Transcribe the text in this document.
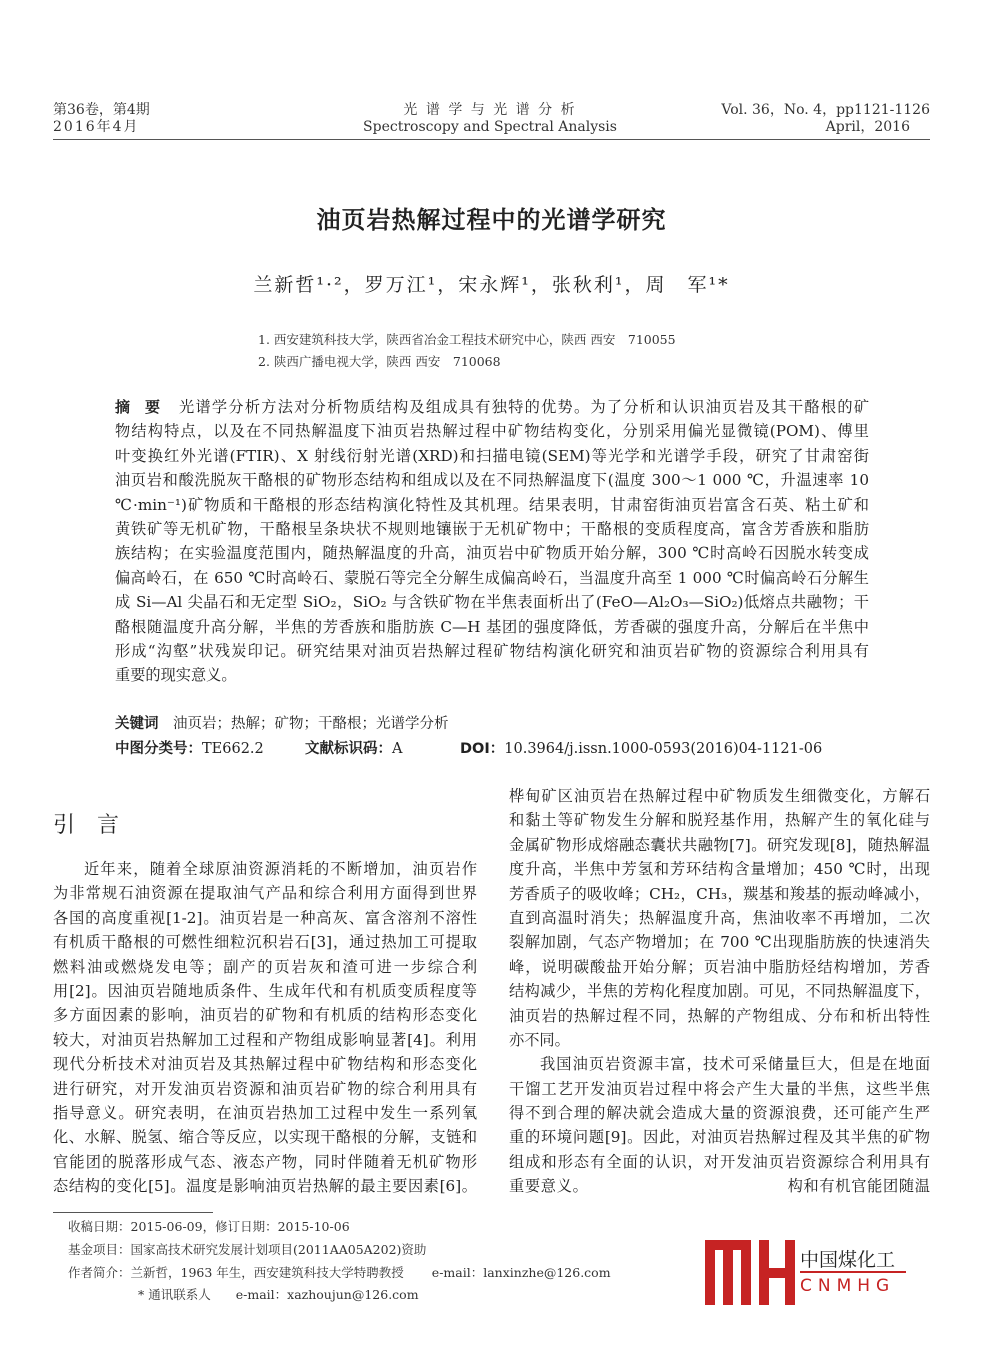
第36卷，第4期
2016年4月
光 谱 学 与 光 谱 分 析
Spectroscopy and Spectral Analysis
Vol. 36，No. 4，pp1121-1126
April，2016
油页岩热解过程中的光谱学研究
兰新哲¹·²，罗万江¹，宋永辉¹，张秋利¹，周　军¹*
1. 西安建筑科技大学，陕西省冶金工程技术研究中心，陕西 西安　710055
2. 陕西广播电视大学，陕西 西安　710068
摘　要	光谱学分析方法对分析物质结构及组成具有独特的优势。为了分析和认识油页岩及其干酪根的矿
物结构特点，以及在不同热解温度下油页岩热解过程中矿物结构变化，分别采用偏光显微镜(POM)、傅里
叶变换红外光谱(FTIR)、X 射线衍射光谱(XRD)和扫描电镜(SEM)等光学和光谱学手段，研究了甘肃窑街
油页岩和酸洗脱灰干酪根的矿物形态结构和组成以及在不同热解温度下(温度 300～1 000 ℃，升温速率 10
℃·min⁻¹)矿物质和干酪根的形态结构演化特性及其机理。结果表明，甘肃窑街油页岩富含石英、粘土矿和
黄铁矿等无机矿物，干酪根呈条块状不规则地镶嵌于无机矿物中；干酪根的变质程度高，富含芳香族和脂肪
族结构；在实验温度范围内，随热解温度的升高，油页岩中矿物质开始分解，300 ℃时高岭石因脱水转变成
偏高岭石，在 650 ℃时高岭石、蒙脱石等完全分解生成偏高岭石，当温度升高至 1 000 ℃时偏高岭石分解生
成 Si—Al 尖晶石和无定型 SiO₂，SiO₂ 与含铁矿物在半焦表面析出了(FeO—Al₂O₃—SiO₂)低熔点共融物；干
酪根随温度升高分解，半焦的芳香族和脂肪族 C—H 基团的强度降低，芳香碳的强度升高，分解后在半焦中
形成“沟壑”状残炭印记。研究结果对油页岩热解过程矿物结构演化研究和油页岩矿物的资源综合利用具有
重要的现实意义。
关键词　 油页岩；热解；矿物；干酪根；光谱学分析
中图分类号：TE662.2	文献标识码：A	DOI：10.3964/j.issn.1000-0593(2016)04-1121-06
引　言
近年来，随着全球原油资源消耗的不断增加，油页岩作
为非常规石油资源在提取油气产品和综合利用方面得到世界
各国的高度重视[1-2]。油页岩是一种高灰、富含溶剂不溶性
有机质干酪根的可燃性细粒沉积岩石[3]，通过热加工可提取
燃料油或燃烧发电等；副产的页岩灰和渣可进一步综合利
用[2]。因油页岩随地质条件、生成年代和有机质变质程度等
多方面因素的影响，油页岩的矿物和有机质的结构形态变化
较大，对油页岩热解加工过程和产物组成影响显著[4]。利用
现代分析技术对油页岩及其热解过程中矿物结构和形态变化
进行研究，对开发油页岩资源和油页岩矿物的综合利用具有
指导意义。研究表明，在油页岩热加工过程中发生一系列氧
化、水解、脱氢、缩合等反应，以实现干酪根的分解，支链和
官能团的脱落形成气态、液态产物，同时伴随着无机矿物形
态结构的变化[5]。温度是影响油页岩热解的最主要因素[6]。
桦甸矿区油页岩在热解过程中矿物质发生细微变化，方解石
和黏土等矿物发生分解和脱羟基作用，热解产生的氧化硅与
金属矿物形成熔融态囊状共融物[7]。研究发现[8]，随热解温
度升高，半焦中芳氢和芳环结构含量增加；450 ℃时，出现
芳香质子的吸收峰；CH₂，CH₃，羰基和羧基的振动峰减小，
直到高温时消失；热解温度升高，焦油收率不再增加，二次
裂解加剧，气态产物增加；在 700 ℃出现脂肪族的快速消失
峰，说明碳酸盐开始分解；页岩油中脂肪烃结构增加，芳香
结构减少，半焦的芳构化程度加剧。可见，不同热解温度下，
油页岩的热解过程不同，热解的产物组成、分布和析出特性
亦不同。
我国油页岩资源丰富，技术可采储量巨大，但是在地面
干馏工艺开发油页岩过程中将会产生大量的半焦，这些半焦
得不到合理的解决就会造成大量的资源浪费，还可能产生严
重的环境问题[9]。因此，对油页岩热解过程及其半焦的矿物
组成和形态有全面的认识，对开发油页岩资源综合利用具有
重要意义。　　　　　　　　　　　　　构和有机官能团随温
收稿日期：2015-06-09，修订日期：2015-10-06
基金项目：国家高技术研究发展计划项目(2011AA05A202)资助
作者简介：兰新哲，1963 年生，西安建筑科技大学特聘教授 e-mail：lanxinzhe@126.com
* 通讯联系人　　e-mail：xazhoujun@126.com
中国煤化工
CNMHG
